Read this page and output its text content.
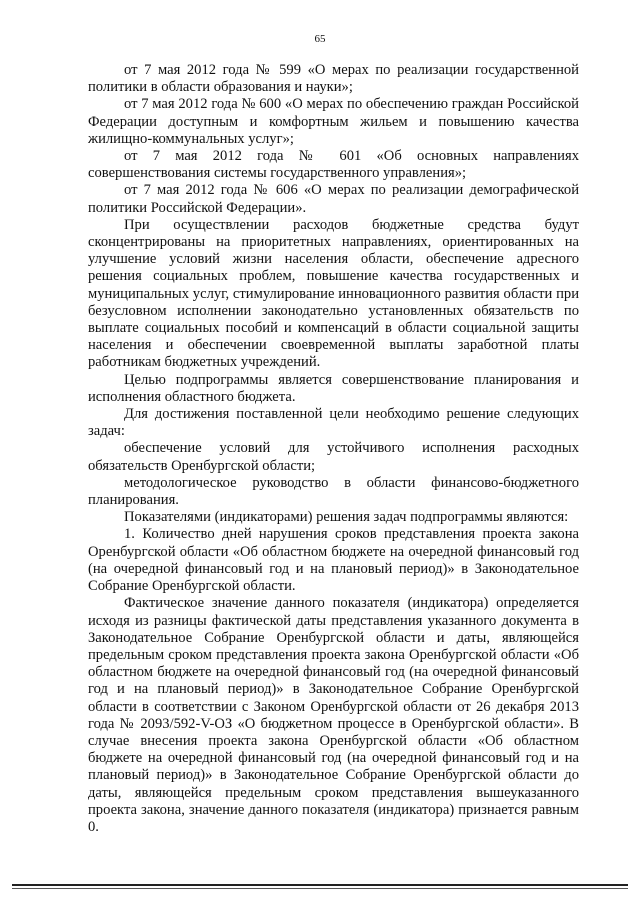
65

от 7 мая 2012 года № 599 «О мерах по реализации государственной политики в области образования и науки»;

от 7 мая 2012 года № 600 «О мерах по обеспечению граждан Российской Федерации доступным и комфортным жильем и повышению качества жилищно-коммунальных услуг»;

от 7 мая 2012 года № 601 «Об основных направлениях совершенствования системы государственного управления»;

от 7 мая 2012 года № 606 «О мерах по реализации демографической политики Российской Федерации».

При осуществлении расходов бюджетные средства будут сконцентрированы на приоритетных направлениях, ориентированных на улучшение условий жизни населения области, обеспечение адресного решения социальных проблем, повышение качества государственных и муниципальных услуг, стимулирование инновационного развития области при безусловном исполнении законодательно установленных обязательств по выплате социальных пособий и компенсаций в области социальной защиты населения и обеспечении своевременной выплаты заработной платы работникам бюджетных учреждений.

Целью подпрограммы является совершенствование планирования и исполнения областного бюджета.

Для достижения поставленной цели необходимо решение следующих задач:

обеспечение условий для устойчивого исполнения расходных обязательств Оренбургской области;

методологическое руководство в области финансово-бюджетного планирования.

Показателями (индикаторами) решения задач подпрограммы являются:

1. Количество дней нарушения сроков представления проекта закона Оренбургской области «Об областном бюджете на очередной финансовый год (на очередной финансовый год и на плановый период)» в Законодательное Собрание Оренбургской области.

Фактическое значение данного показателя (индикатора) определяется исходя из разницы фактической даты представления указанного документа в Законодательное Собрание Оренбургской области и даты, являющейся предельным сроком представления проекта закона Оренбургской области «Об областном бюджете на очередной финансовый год (на очередной финансовый год и на плановый период)» в Законодательное Собрание Оренбургской области в соответствии с Законом Оренбургской области от 26 декабря 2013 года № 2093/592-V-ОЗ «О бюджетном процессе в Оренбургской области». В случае внесения проекта закона Оренбургской области «Об областном бюджете на очередной финансовый год (на очередной финансовый год и на плановый период)» в Законодательное Собрание Оренбургской области до даты, являющейся предельным сроком представления вышеуказанного проекта закона, значение данного показателя (индикатора) признается равным 0.
